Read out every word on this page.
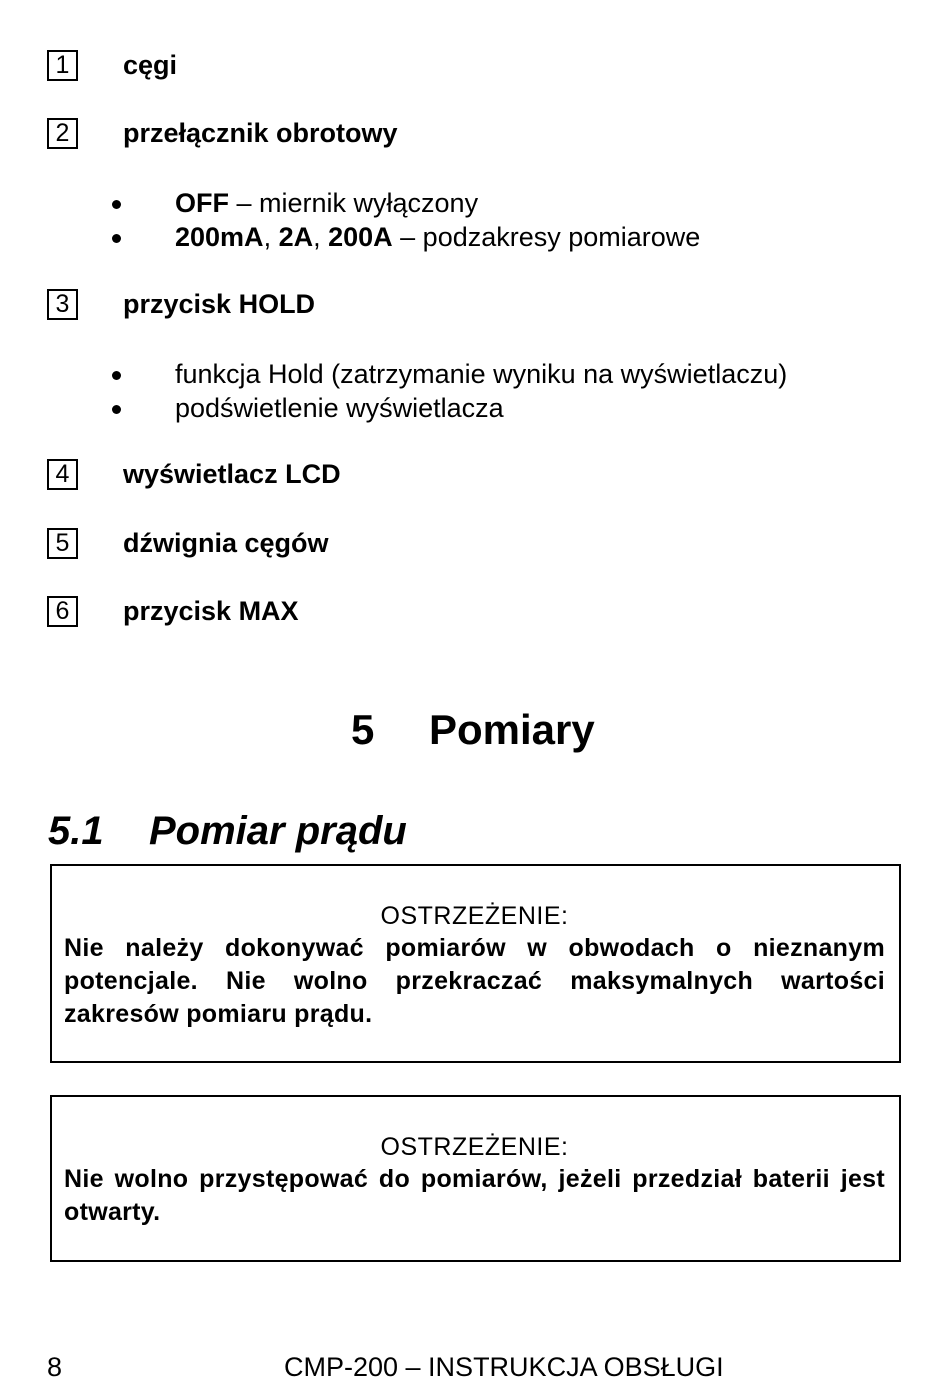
1	cęgi
2	przełącznik obrotowy
OFF – miernik wyłączony
200mA, 2A, 200A – podzakresy pomiarowe
3	przycisk HOLD
funkcja Hold (zatrzymanie wyniku na wyświetlaczu)
podświetlenie wyświetlacza
4	wyświetlacz LCD
5	dźwignia cęgów
6	przycisk MAX
5 Pomiary
5.1 Pomiar prądu
OSTRZEŻENIE:
Nie należy dokonywać pomiarów w obwodach o nieznanym potencjale. Nie wolno przekraczać maksymalnych wartości zakresów pomiaru prądu.
OSTRZEŻENIE:
Nie wolno przystępować do pomiarów, jeżeli przedział baterii jest otwarty.
8	CMP-200 – INSTRUKCJA OBSŁUGI
